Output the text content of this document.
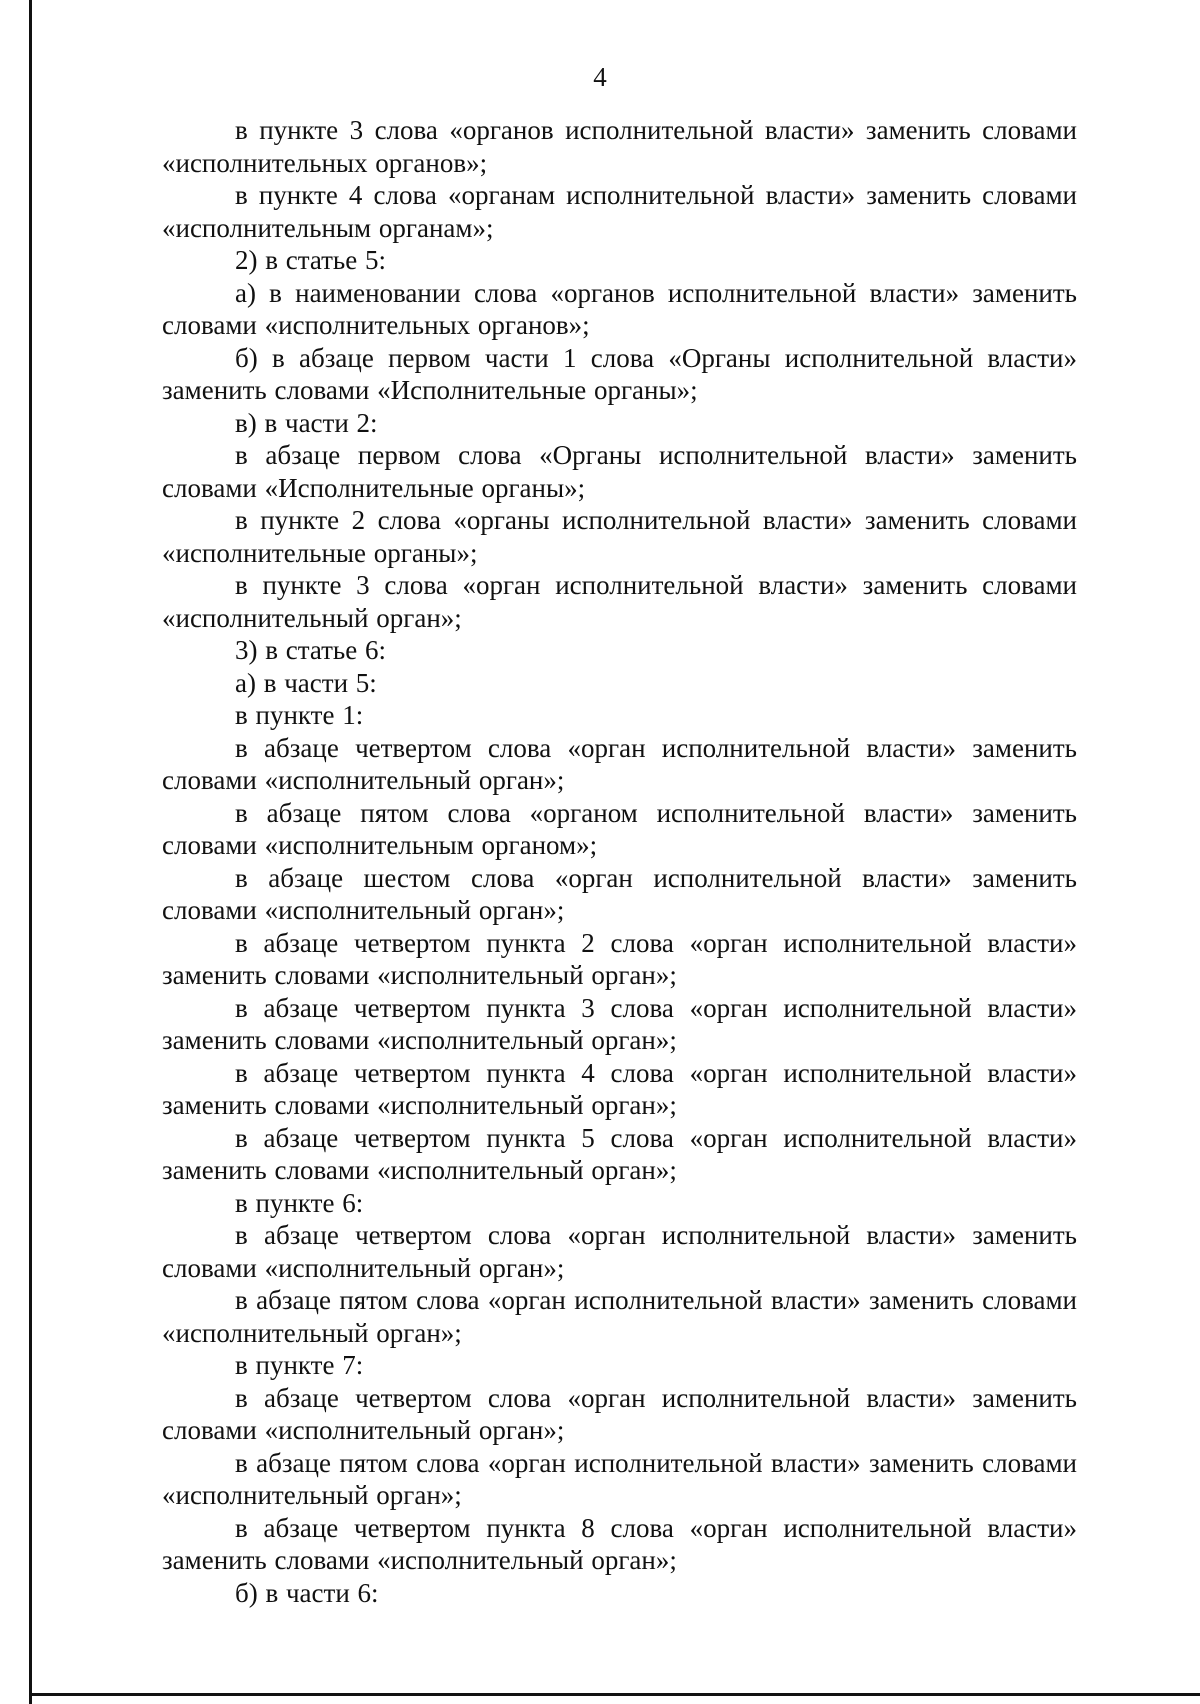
4

в пункте 3 слова «органов исполнительной власти» заменить словами «исполнительных органов»;

в пункте 4 слова «органам исполнительной власти» заменить словами «исполнительным органам»;

2) в статье 5:

а) в наименовании слова «органов исполнительной власти» заменить словами «исполнительных органов»;

б) в абзаце первом части 1 слова «Органы исполнительной власти» заменить словами «Исполнительные органы»;

в) в части 2:

в абзаце первом слова «Органы исполнительной власти» заменить словами «Исполнительные органы»;

в пункте 2 слова «органы исполнительной власти» заменить словами «исполнительные органы»;

в пункте 3 слова «орган исполнительной власти» заменить словами «исполнительный орган»;

3) в статье 6:

а) в части 5:

в пункте 1:

в абзаце четвертом слова «орган исполнительной власти» заменить словами «исполнительный орган»;

в абзаце пятом слова «органом исполнительной власти» заменить словами «исполнительным органом»;

в абзаце шестом слова «орган исполнительной власти» заменить словами «исполнительный орган»;

в абзаце четвертом пункта 2 слова «орган исполнительной власти» заменить словами «исполнительный орган»;

в абзаце четвертом пункта 3 слова «орган исполнительной власти» заменить словами «исполнительный орган»;

в абзаце четвертом пункта 4 слова «орган исполнительной власти» заменить словами «исполнительный орган»;

в абзаце четвертом пункта 5 слова «орган исполнительной власти» заменить словами «исполнительный орган»;

в пункте 6:

в абзаце четвертом слова «орган исполнительной власти» заменить словами «исполнительный орган»;

в абзаце пятом слова «орган исполнительной власти» заменить словами «исполнительный орган»;

в пункте 7:

в абзаце четвертом слова «орган исполнительной власти» заменить словами «исполнительный орган»;

в абзаце пятом слова «орган исполнительной власти» заменить словами «исполнительный орган»;

в абзаце четвертом пункта 8 слова «орган исполнительной власти» заменить словами «исполнительный орган»;

б) в части 6:
